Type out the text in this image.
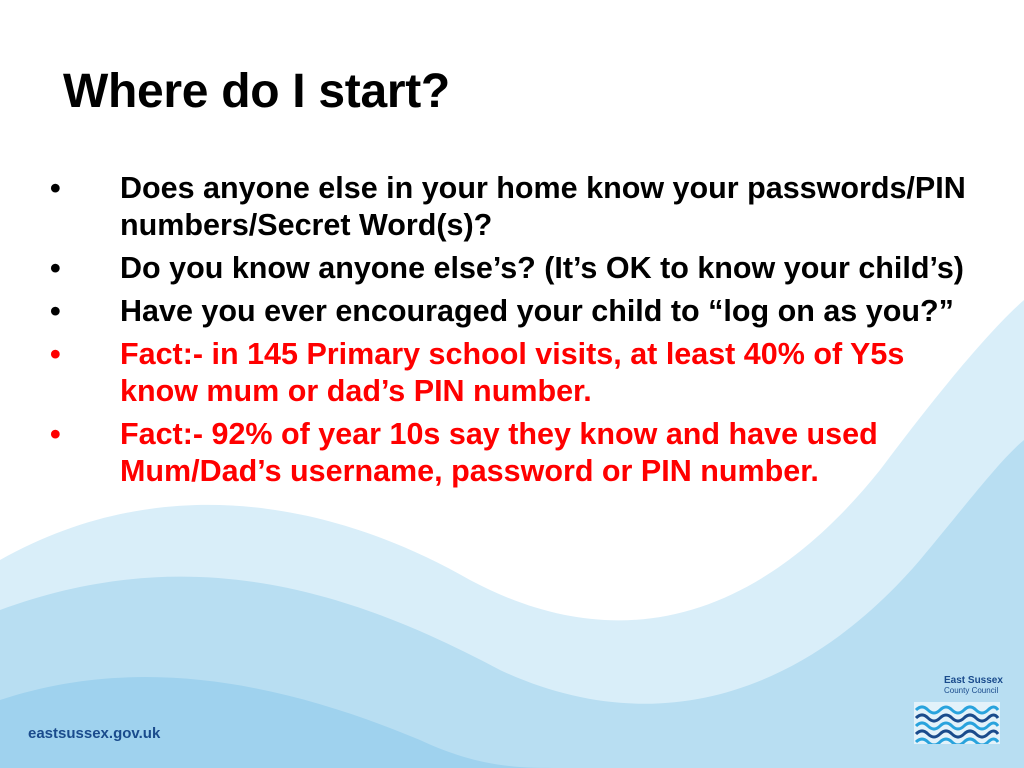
Where do I start?
• Does anyone else in your home know your passwords/PIN numbers/Secret Word(s)?
• Do you know anyone else’s? (It’s OK to know your child’s)
• Have you ever encouraged your child to “log on as you?”
• Fact:- in 145 Primary school visits, at least 40% of Y5s know mum or dad’s PIN number.
• Fact:- 92% of year 10s say they know and have used Mum/Dad’s username, password or PIN number.
eastsussex.gov.uk
East Sussex
County Council
